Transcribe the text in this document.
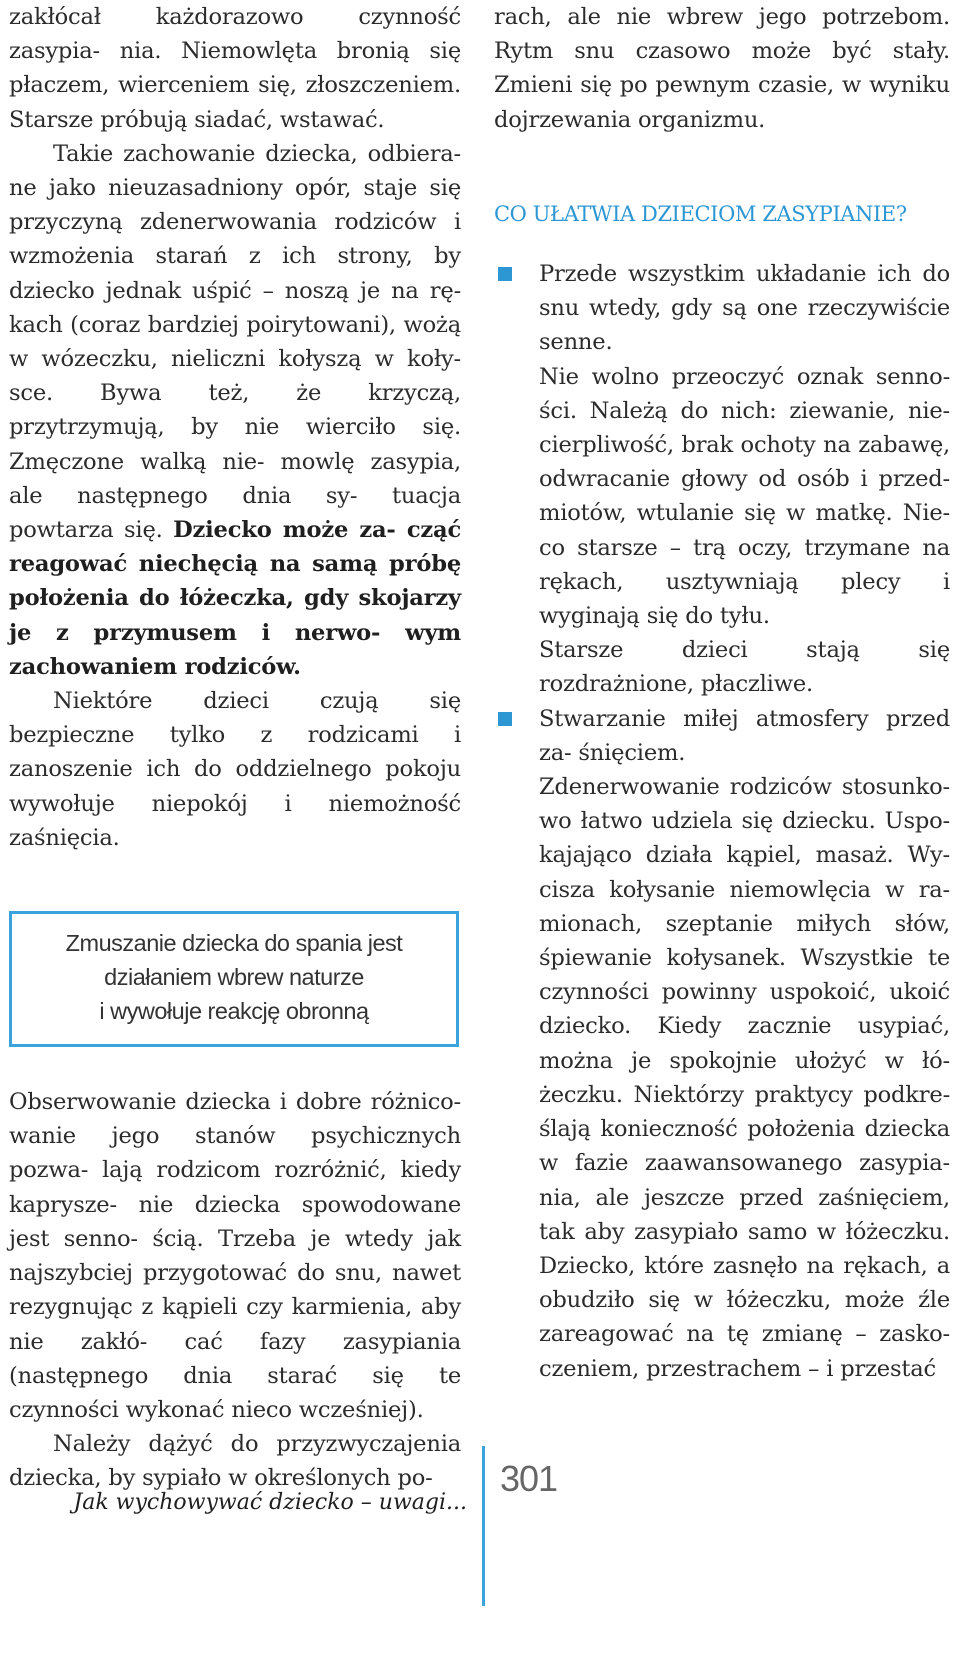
zakłócał każdorazowo czynność zasypia- nia. Niemowlęta bronią się płaczem, wierceniem się, złoszczeniem. Starsze próbują siadać, wstawać.

Takie zachowanie dziecka, odbiera- ne jako nieuzasadniony opór, staje się przyczyną zdenerwowania rodziców i wzmożenia starań z ich strony, by dziecko jednak uśpić – noszą je na rę- kach (coraz bardziej poirytowani), wożą w wózeczku, nieliczni kołyszą w koły- sce. Bywa też, że krzyczą, przytrzymują, by nie wierciło się. Zmęczone walką nie- mowlę zasypia, ale następnego dnia sy- tuacja powtarza się. Dziecko może za- cząć reagować niechęcią na samą próbę położenia do łóżeczka, gdy skojarzy je z przymusem i nerwo- wym zachowaniem rodziców.

Niektóre dzieci czują się bezpieczne tylko z rodzicami i zanoszenie ich do oddzielnego pokoju wywołuje niepokój i niemożność zaśnięcia.

Zmuszanie dziecka do spania jest
działaniem wbrew naturze
i wywołuje reakcję obronną

Obserwowanie dziecka i dobre różnico- wanie jego stanów psychicznych pozwa- lają rodzicom rozróżnić, kiedy kaprysze- nie dziecka spowodowane jest senno- ścią. Trzeba je wtedy jak najszybciej przygotować do snu, nawet rezygnując z kąpieli czy karmienia, aby nie zakłó- cać fazy zasypiania (następnego dnia starać się te czynności wykonać nieco wcześniej).

Należy dążyć do przyzwyczajenia dziecka, by sypiało w określonych po-

rach, ale nie wbrew jego potrzebom. Rytm snu czasowo może być stały. Zmieni się po pewnym czasie, w wyniku dojrzewania organizmu.

CO UŁATWIA DZIECIOM ZASYPIANIE?

Przede wszystkim układanie ich do snu wtedy, gdy są one rzeczywiście senne.

Nie wolno przeoczyć oznak senno- ści. Należą do nich: ziewanie, nie- cierpliwość, brak ochoty na zabawę, odwracanie głowy od osób i przed- miotów, wtulanie się w matkę. Nie- co starsze – trą oczy, trzymane na rękach, usztywniają plecy i wyginają się do tyłu.

Starsze dzieci stają się rozdrażnione, płaczliwe.

Stwarzanie miłej atmosfery przed za- śnięciem.

Zdenerwowanie rodziców stosunko- wo łatwo udziela się dziecku. Uspo- kajająco działa kąpiel, masaż. Wy- cisza kołysanie niemowlęcia w ra- mionach, szeptanie miłych słów, śpiewanie kołysanek. Wszystkie te czynności powinny uspokoić, ukoić dziecko. Kiedy zacznie usypiać, można je spokojnie ułożyć w łó- żeczku. Niektórzy praktycy podkre- ślają konieczność położenia dziecka w fazie zaawansowanego zasypia- nia, ale jeszcze przed zaśnięciem, tak aby zasypiało samo w łóżeczku. Dziecko, które zasnęło na rękach, a obudziło się w łóżeczku, może źle zareagować na tę zmianę – zasko- czeniem, przestrachem – i przestać

Jak wychowywać dziecko – uwagi...
301
